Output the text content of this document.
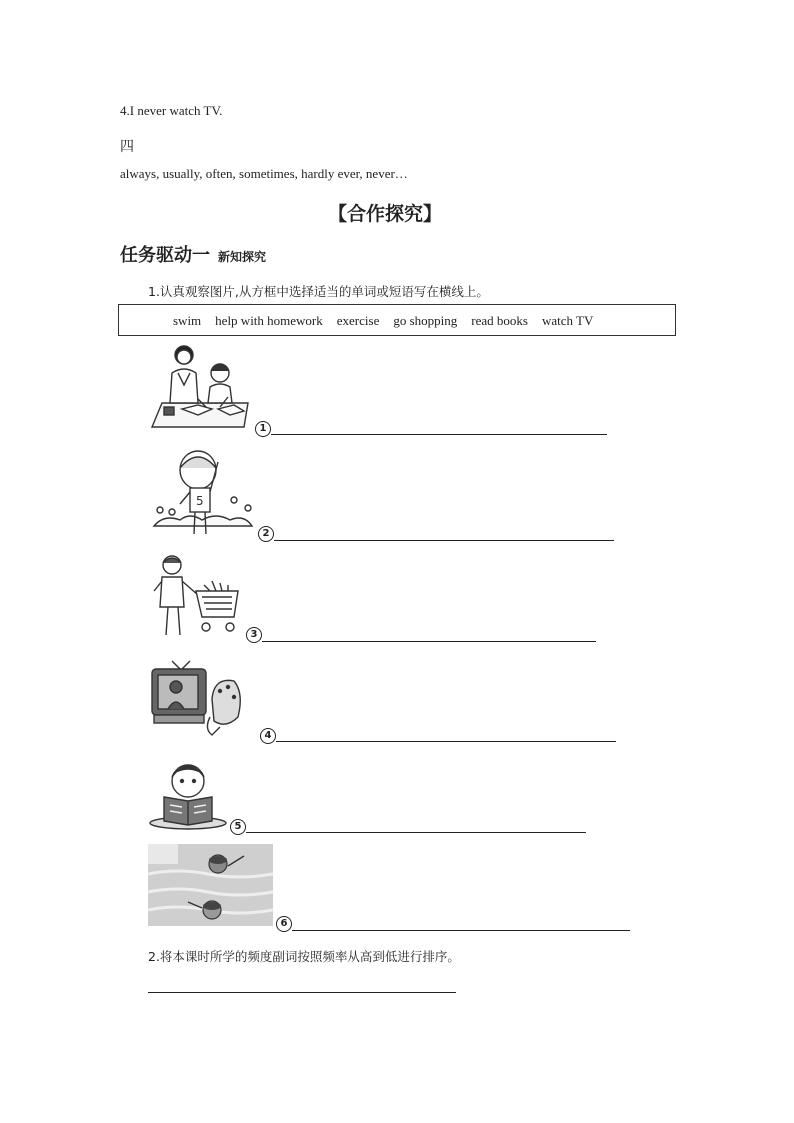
4.I never watch TV.
四
always, usually, often, sometimes, hardly ever, never…
【合作探究】
任务驱动一 新知探究
1.认真观察图片,从方框中选择适当的单词或短语写在横线上。
swim help with homework exercise go shopping read books watch TV
1
5
2
3
4
5
6
2.将本课时所学的频度副词按照频率从高到低进行排序。
